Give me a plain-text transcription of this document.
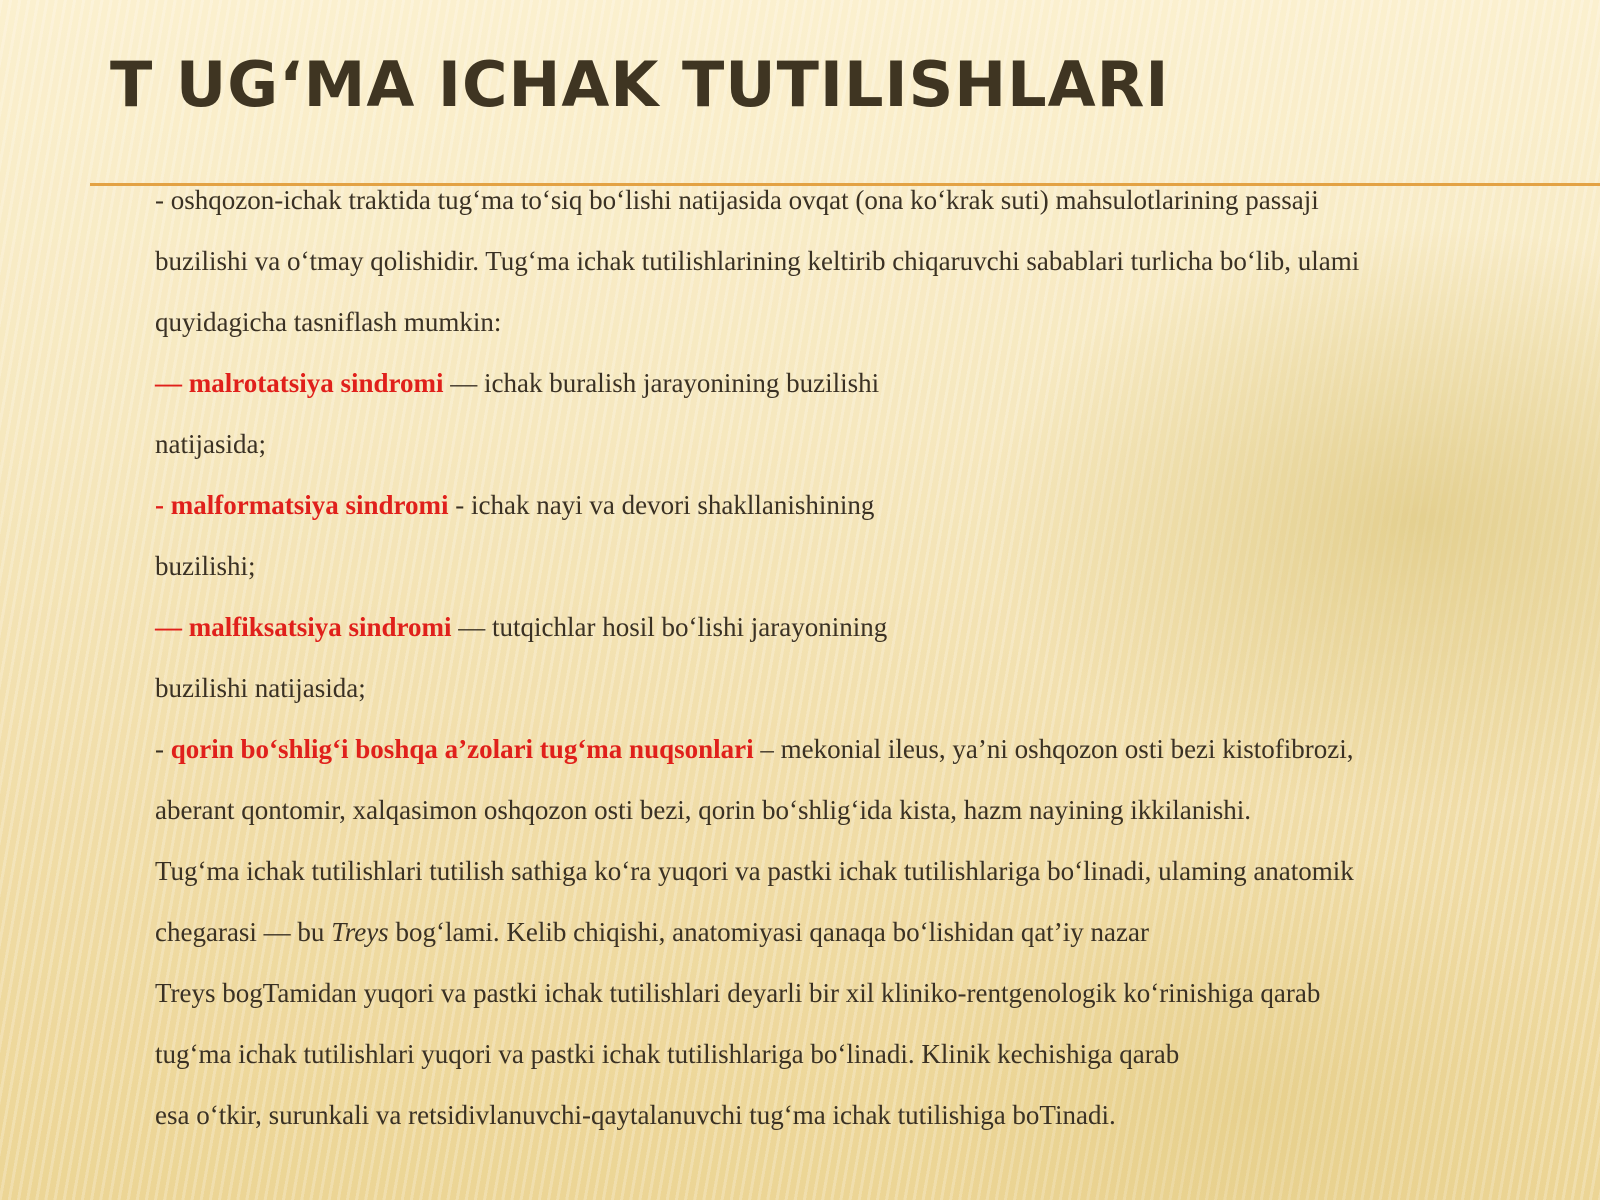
T UG‘MA ICHAK TUTILISHLARI

- oshqozon-ichak traktida tug‘ma to‘siq bo‘lishi natijasida ovqat (ona ko‘krak suti) mahsulotlarining passaji

buzilishi va o‘tmay qolishidir. Tug‘ma ichak tutilishlarining keltirib chiqaruvchi sabablari turlicha bo‘lib, ulami

quyidagicha tasniflash mumkin:

— malrotatsiya sindromi — ichak buralish jarayonining buzilishi

natijasida;

- malformatsiya sindromi - ichak nayi va devori shakllanishining

buzilishi;

— malfiksatsiya sindromi — tutqichlar hosil bo‘lishi jarayonining

buzilishi natijasida;

- qorin bo‘shlig‘i boshqa a’zolari tug‘ma nuqsonlari – mekonial ileus, ya’ni oshqozon osti bezi kistofibrozi,

aberant qontomir, xalqasimon oshqozon osti bezi, qorin bo‘shlig‘ida kista, hazm nayining ikkilanishi.

Tug‘ma ichak tutilishlari tutilish sathiga ko‘ra yuqori va pastki ichak tutilishlariga bo‘linadi, ulaming anatomik

chegarasi — bu Treys bog‘lami. Kelib chiqishi, anatomiyasi qanaqa bo‘lishidan qat’iy nazar

Treys bogTamidan yuqori va pastki ichak tutilishlari deyarli bir xil kliniko-rentgenologik ko‘rinishiga qarab

tug‘ma ichak tutilishlari yuqori va pastki ichak tutilishlariga bo‘linadi. Klinik kechishiga qarab

esa o‘tkir, surunkali va retsidivlanuvchi-qaytalanuvchi tug‘ma ichak tutilishiga boTinadi.
